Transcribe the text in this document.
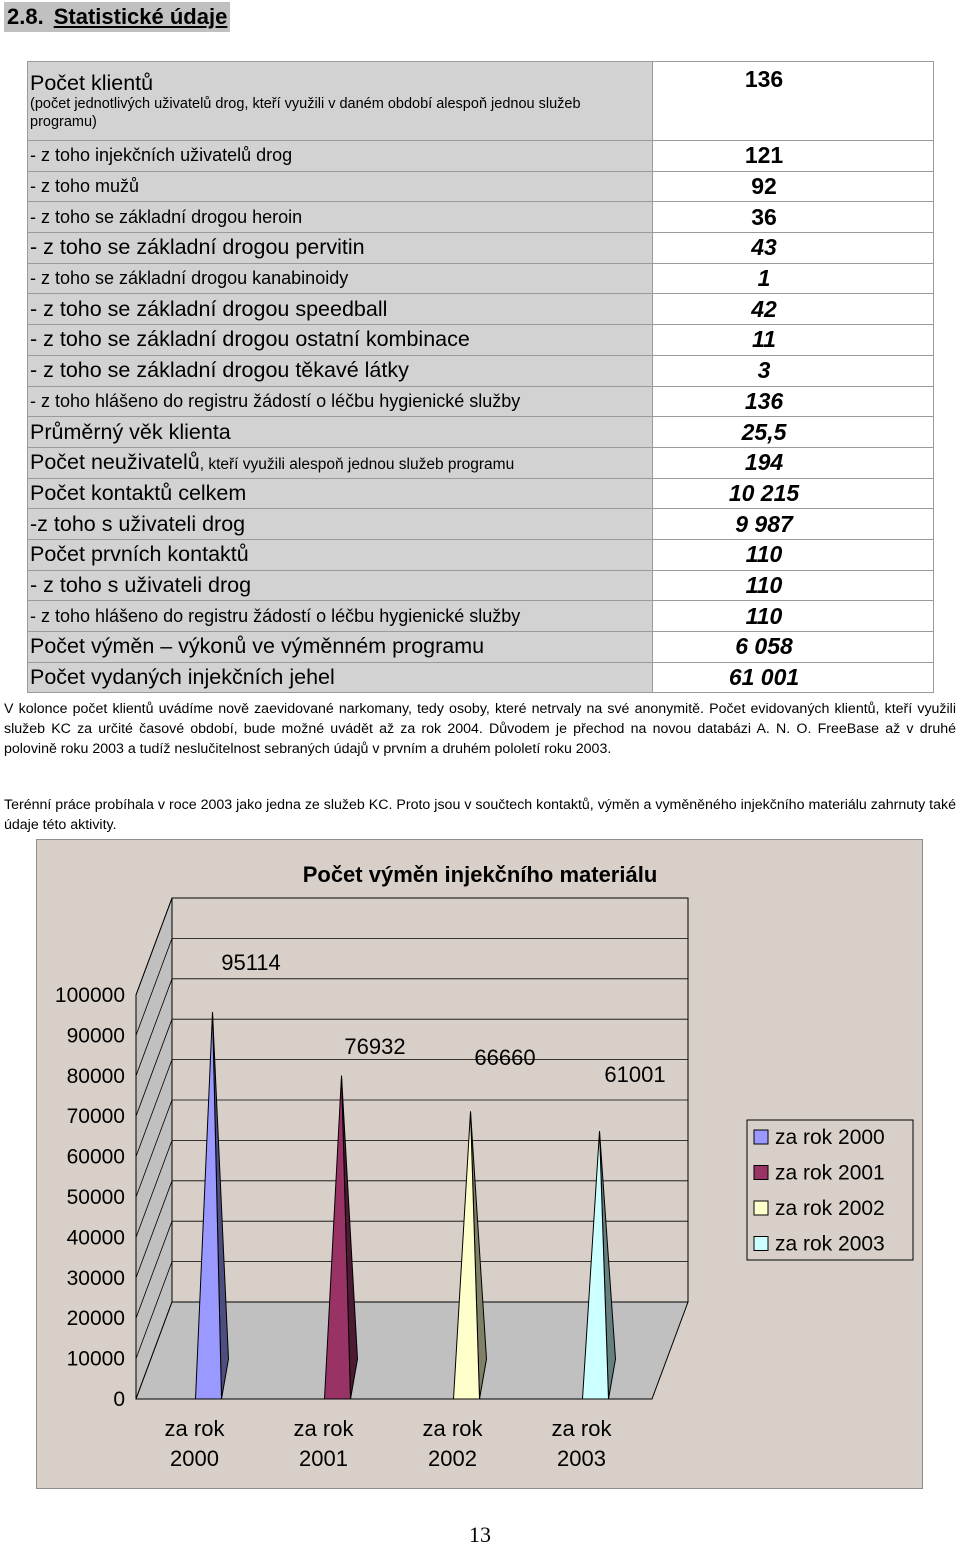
2.8. Statistické údaje
Počet klientů
(počet jednotlivých uživatelů drog, kteří využili v daném období alespoň jednou služeb programu)	136
- z toho injekčních uživatelů drog	121
- z toho mužů	92
- z toho se základní drogou heroin	36
- z toho se základní drogou pervitin	43
- z toho se základní drogou kanabinoidy	1
- z toho se základní drogou speedball	42
- z toho se základní drogou ostatní kombinace	11
- z toho se základní drogou těkavé látky	3
- z toho hlášeno do registru žádostí o léčbu hygienické služby	136
Průměrný věk klienta	25,5
Počet neuživatelů, kteří využili alespoň jednou služeb programu	194
Počet kontaktů celkem	10 215
-z toho s uživateli drog	9 987
Počet prvních kontaktů	110
- z toho s uživateli drog	110
- z toho hlášeno do registru žádostí o léčbu hygienické služby	110
Počet výměn – výkonů ve výměnném programu	6 058
Počet vydaných injekčních jehel	61 001
V kolonce počet klientů uvádíme nově zaevidované narkomany, tedy osoby, které netrvaly na své anonymitě. Počet evidovaných klientů, kteří využili služeb KC za určité časové období, bude možné uvádět až za rok 2004. Důvodem je přechod na novou databázi A. N. O. FreeBase až v druhé polovině roku 2003 a tudíž neslučitelnost sebraných údajů v prvním a druhém pololetí roku 2003.
Terénní práce probíhala v roce 2003 jako jedna ze služeb KC. Proto jsou v součtech kontaktů, výměn a vyměněného injekčního materiálu zahrnuty také údaje této aktivity.
Počet výměn injekčního materiálu
0
10000
20000
30000
40000
50000
60000
70000
80000
90000
100000
95114
76932	66660
61001
za rok
2000
za rok
2001
za rok
2002
za rok
2003
za rok 2000
za rok 2001
za rok 2002
za rok 2003
13
